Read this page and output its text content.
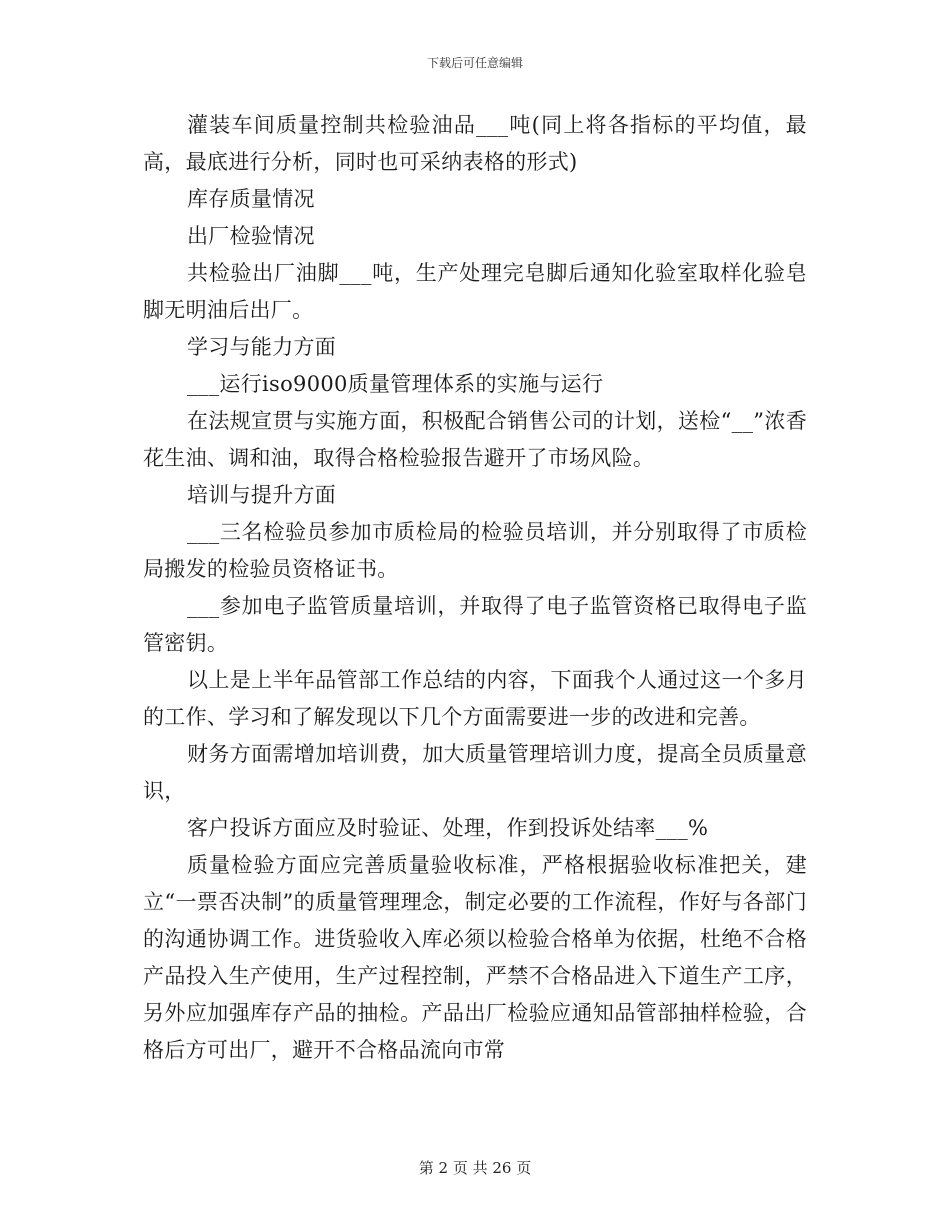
下载后可任意编辑

灌装车间质量控制共检验油品___吨(同上将各指标的平均值，最高，最底进行分析，同时也可采纳表格的形式)

库存质量情况

出厂检验情况

共检验出厂油脚___吨，生产处理完皂脚后通知化验室取样化验皂脚无明油后出厂。

学习与能力方面

___运行iso9000质量管理体系的实施与运行

在法规宣贯与实施方面，积极配合销售公司的计划，送检“__”浓香花生油、调和油，取得合格检验报告避开了市场风险。

培训与提升方面

___三名检验员参加市质检局的检验员培训，并分别取得了市质检局搬发的检验员资格证书。

___参加电子监管质量培训，并取得了电子监管资格已取得电子监管密钥。

以上是上半年品管部工作总结的内容，下面我个人通过这一个多月的工作、学习和了解发现以下几个方面需要进一步的改进和完善。

财务方面需增加培训费，加大质量管理培训力度，提高全员质量意识，

客户投诉方面应及时验证、处理，作到投诉处结率___%

质量检验方面应完善质量验收标准，严格根据验收标准把关，建立“一票否决制”的质量管理理念，制定必要的工作流程，作好与各部门的沟通协调工作。进货验收入库必须以检验合格单为依据，杜绝不合格产品投入生产使用，生产过程控制，严禁不合格品进入下道生产工序，另外应加强库存产品的抽检。产品出厂检验应通知品管部抽样检验，合格后方可出厂，避开不合格品流向市常

第 2 页 共 26 页
